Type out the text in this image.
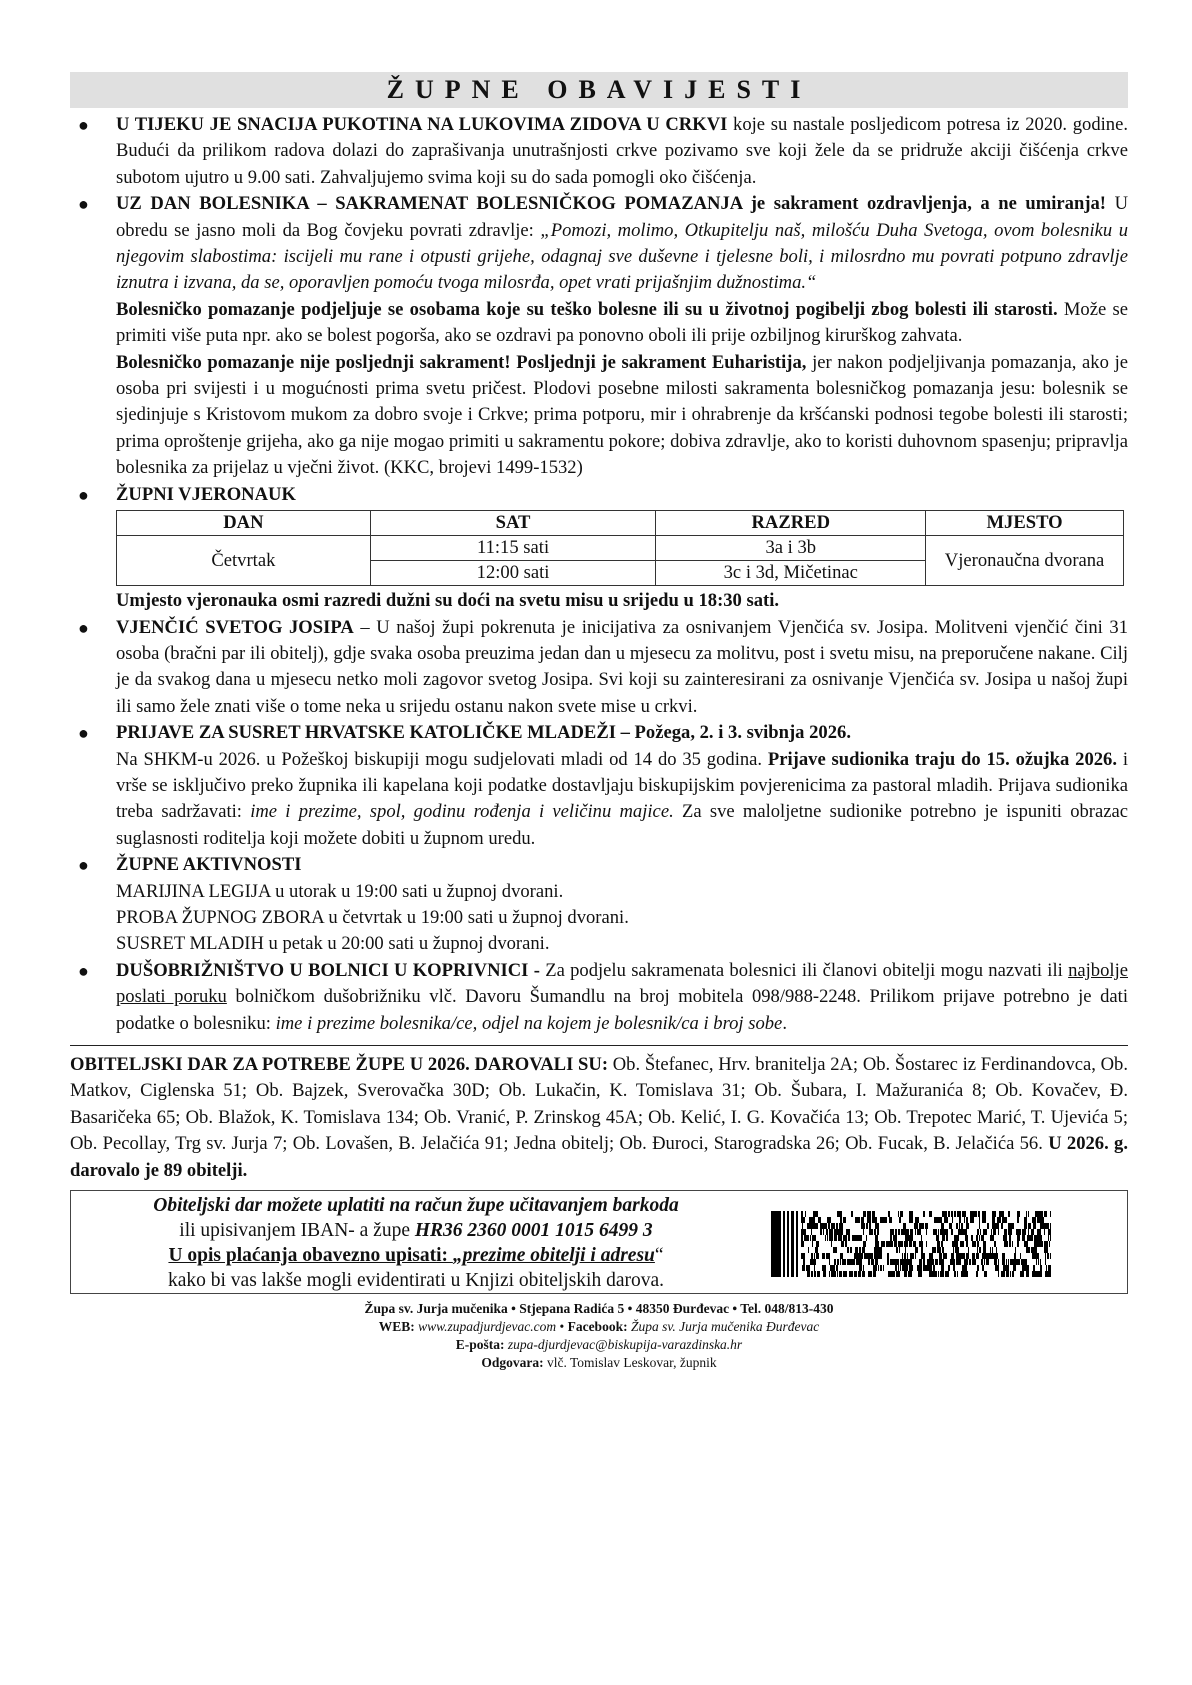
ŽUPNE OBAVIJESTI
● U TIJEKU JE SNACIJA PUKOTINA NA LUKOVIMA ZIDOVA U CRKVI koje su nastale posljedicom potresa iz 2020. godine. Budući da prilikom radova dolazi do zaprašivanja unutrašnjosti crkve pozivamo sve koji žele da se pridruže akciji čišćenja crkve subotom ujutro u 9.00 sati. Zahvaljujemo svima koji su do sada pomogli oko čišćenja.

● UZ DAN BOLESNIKA – SAKRAMENAT BOLESNIČKOG POMAZANJA je sakrament ozdravljenja, a ne umiranja! U obredu se jasno moli da Bog čovjeku povrati zdravlje: „Pomozi, molimo, Otkupitelju naš, milošću Duha Svetoga, ovom bolesniku u njegovim slabostima: iscijeli mu rane i otpusti grijehe, odagnaj sve duševne i tjelesne boli, i milosrdno mu povrati potpuno zdravlje iznutra i izvana, da se, oporavljen pomoću tvoga milosrđa, opet vrati prijašnjim dužnostima.“

Bolesničko pomazanje podjeljuje se osobama koje su teško bolesne ili su u životnoj pogibelji zbog bolesti ili starosti. Može se primiti više puta npr. ako se bolest pogorša, ako se ozdravi pa ponovno oboli ili prije ozbiljnog kirurškog zahvata.

Bolesničko pomazanje nije posljednji sakrament! Posljednji je sakrament Euharistija, jer nakon podjeljivanja pomazanja, ako je osoba pri svijesti i u mogućnosti prima svetu pričest. Plodovi posebne milosti sakramenta bolesničkog pomazanja jesu: bolesnik se sjedinjuje s Kristovom mukom za dobro svoje i Crkve; prima potporu, mir i ohrabrenje da kršćanski podnosi tegobe bolesti ili starosti; prima oproštenje grijeha, ako ga nije mogao primiti u sakramentu pokore; dobiva zdravlje, ako to koristi duhovnom spasenju; pripravlja bolesnika za prijelaz u vječni život. (KKC, brojevi 1499-1532)

● ŽUPNI VJERONAUK

DAN	SAT	RAZRED	MJESTO
Četvrtak	11:15 sati	3a i 3b	Vjeronaučna dvorana
	12:00 sati	3c i 3d, Mičetinac	

Umjesto vjeronauka osmi razredi dužni su doći na svetu misu u srijedu u 18:30 sati.

● VJENČIĆ SVETOG JOSIPA – U našoj župi pokrenuta je inicijativa za osnivanjem Vjenčića sv. Josipa. Molitveni vjenčić čini 31 osoba (bračni par ili obitelj), gdje svaka osoba preuzima jedan dan u mjesecu za molitvu, post i svetu misu, na preporučene nakane. Cilj je da svakog dana u mjesecu netko moli zagovor svetog Josipa. Svi koji su zainteresirani za osnivanje Vjenčića sv. Josipa u našoj župi ili samo žele znati više o tome neka u srijedu ostanu nakon svete mise u crkvi.

● PRIJAVE ZA SUSRET HRVATSKE KATOLIČKE MLADEŽI – Požega, 2. i 3. svibnja 2026.

Na SHKM-u 2026. u Požeškoj biskupiji mogu sudjelovati mladi od 14 do 35 godina. Prijave sudionika traju do 15. ožujka 2026. i vrše se isključivo preko župnika ili kapelana koji podatke dostavljaju biskupijskim povjerenicima za pastoral mladih. Prijava sudionika treba sadržavati: ime i prezime, spol, godinu rođenja i veličinu majice. Za sve maloljetne sudionike potrebno je ispuniti obrazac suglasnosti roditelja koji možete dobiti u župnom uredu.

● ŽUPNE AKTIVNOSTI

MARIJINA LEGIJA u utorak u 19:00 sati u župnoj dvorani.

PROBA ŽUPNOG ZBORA u četvrtak u 19:00 sati u župnoj dvorani.

SUSRET MLADIH u petak u 20:00 sati u župnoj dvorani.

● DUŠOBRIŽNIŠTVO U BOLNICI U KOPRIVNICI - Za podjelu sakramenata bolesnici ili članovi obitelji mogu nazvati ili najbolje poslati poruku bolničkom dušobrižniku vlč. Davoru Šumandlu na broj mobitela 098/988-2248. Prilikom prijave potrebno je dati podatke o bolesniku: ime i prezime bolesnika/ce, odjel na kojem je bolesnik/ca i broj sobe.

OBITELJSKI DAR ZA POTREBE ŽUPE U 2026. DAROVALI SU: Ob. Štefanec, Hrv. branitelja 2A; Ob. Šostarec iz Ferdinandovca, Ob. Matkov, Ciglenska 51; Ob. Bajzek, Sverovačka 30D; Ob. Lukačin, K. Tomislava 31; Ob. Šubara, I. Mažuranića 8; Ob. Kovačev, Đ. Basaričeka 65; Ob. Blažok, K. Tomislava 134; Ob. Vranić, P. Zrinskog 45A; Ob. Kelić, I. G. Kovačića 13; Ob. Trepotec Marić, T. Ujevića 5; Ob. Pecollay, Trg sv. Jurja 7; Ob. Lovašen, B. Jelačića 91; Jedna obitelj; Ob. Đuroci, Starogradska 26; Ob. Fucak, B. Jelačića 56. U 2026. g. darovalo je 89 obitelji.

Obiteljski dar možete uplatiti na račun župe učitavanjem barkoda
ili upisivanjem IBAN- a župe HR36 2360 0001 1015 6499 3
U opis plaćanja obavezno upisati: „prezime obitelji i adresu“
kako bi vas lakše mogli evidentirati u Knjizi obiteljskih darova.
Župa sv. Jurja mučenika • Stjepana Radića 5 • 48350 Đurđevac • Tel. 048/813-430
WEB: www.zupadjurdjevac.com • Facebook: Župa sv. Jurja mučenika Đurđevac
E-pošta: zupa-djurdjevac@biskupija-varazdinska.hr
Odgovara: vlč. Tomislav Leskovar, župnik
